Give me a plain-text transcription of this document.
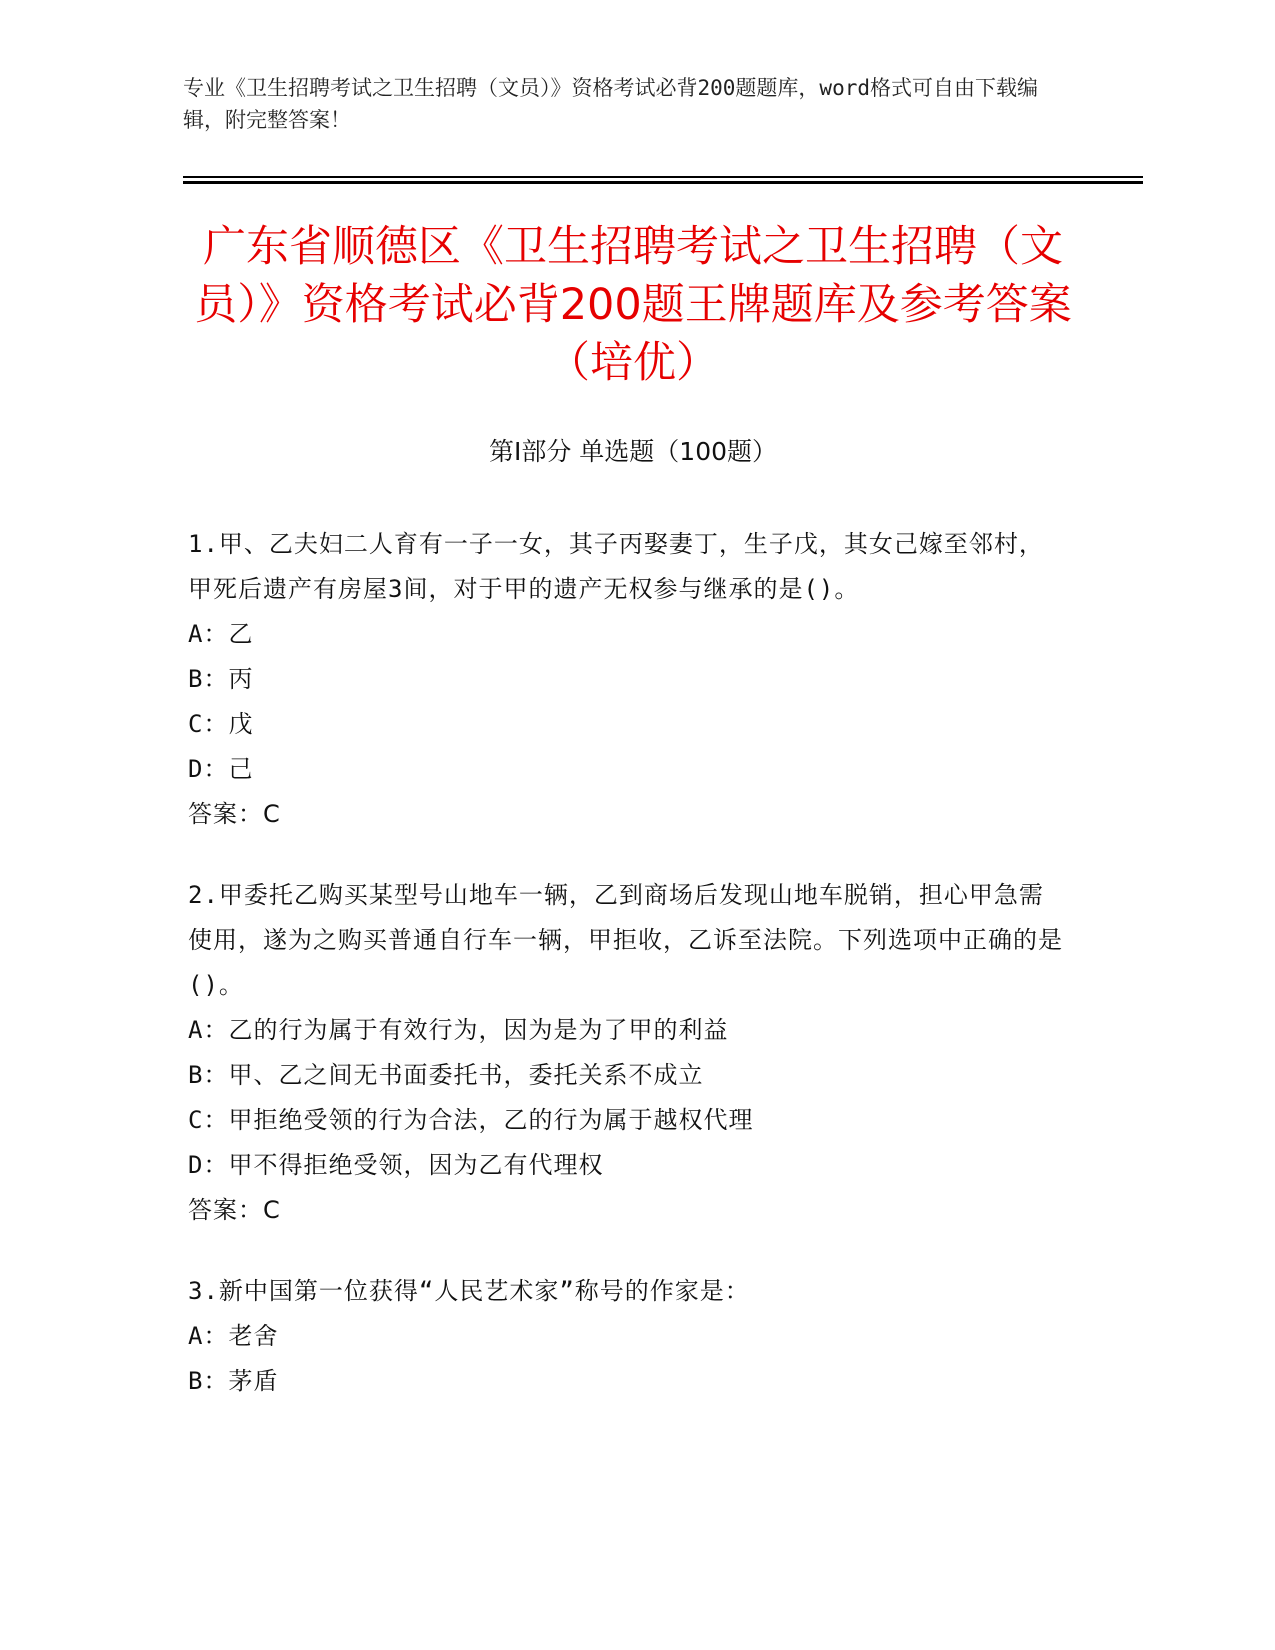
专业《卫生招聘考试之卫生招聘（文员）》资格考试必背200题题库，word格式可自由下载编辑，附完整答案！
广东省顺德区《卫生招聘考试之卫生招聘（文员）》资格考试必背200题王牌题库及参考答案（培优）
第Ⅰ部分 单选题（100题）

1.甲、乙夫妇二人育有一子一女，其子丙娶妻丁，生子戊，其女己嫁至邻村，甲死后遗产有房屋3间，对于甲的遗产无权参与继承的是()。

A：乙

B：丙

C：戊

D：己

答案：C

2.甲委托乙购买某型号山地车一辆，乙到商场后发现山地车脱销，担心甲急需使用，遂为之购买普通自行车一辆，甲拒收，乙诉至法院。下列选项中正确的是()。

A：乙的行为属于有效行为，因为是为了甲的利益

B：甲、乙之间无书面委托书，委托关系不成立

C：甲拒绝受领的行为合法，乙的行为属于越权代理

D：甲不得拒绝受领，因为乙有代理权

答案：C

3.新中国第一位获得“人民艺术家”称号的作家是：

A：老舍

B：茅盾
